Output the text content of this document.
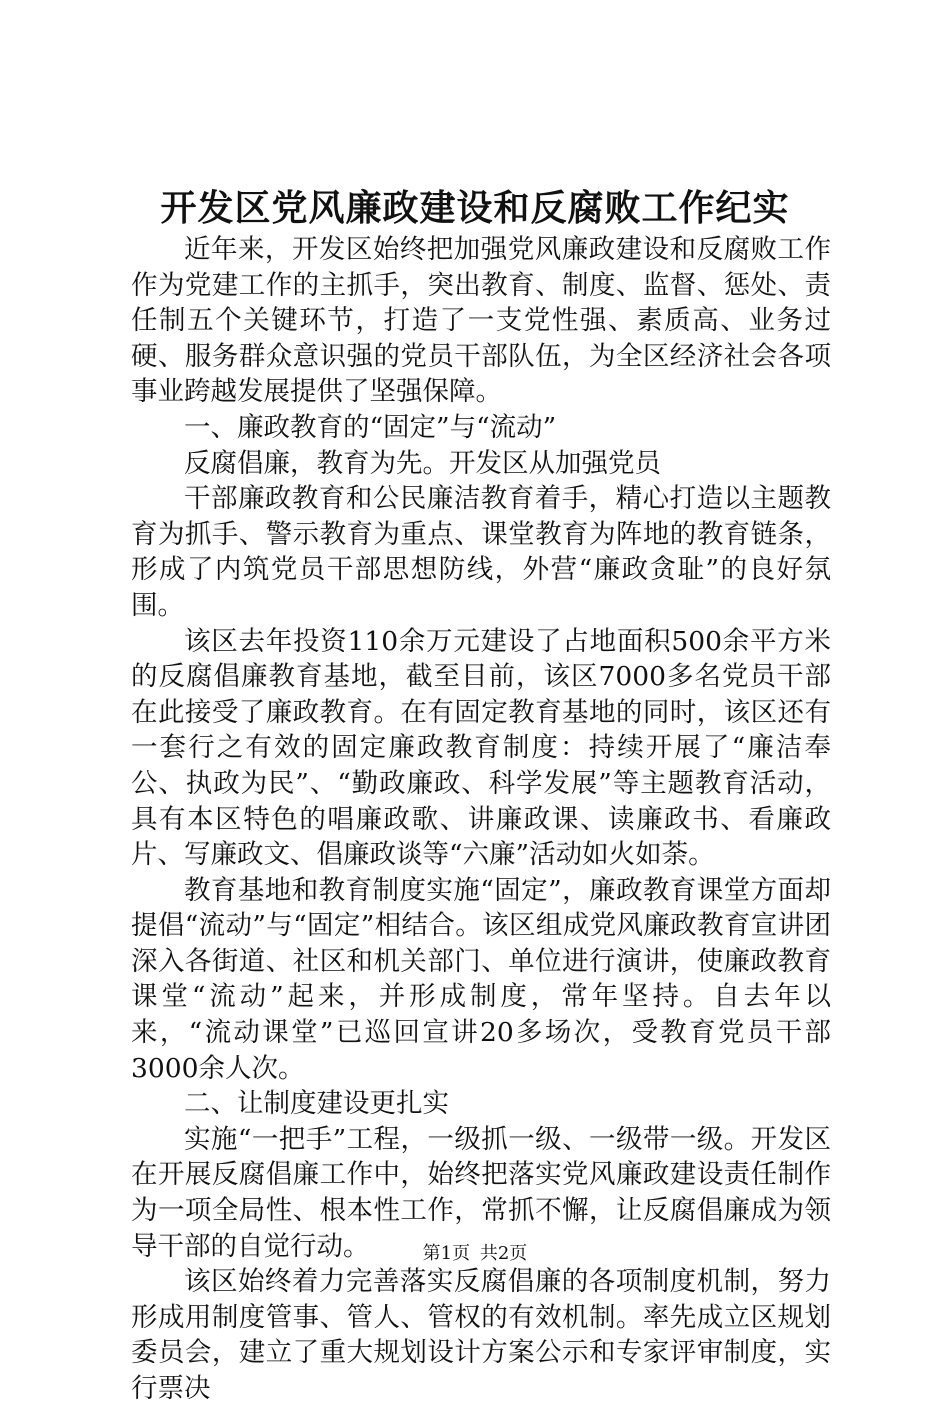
开发区党风廉政建设和反腐败工作纪实

近年来，开发区始终把加强党风廉政建设和反腐败工作作为党建工作的主抓手，突出教育、制度、监督、惩处、责任制五个关键环节，打造了一支党性强、素质高、业务过硬、服务群众意识强的党员干部队伍，为全区经济社会各项事业跨越发展提供了坚强保障。

一、廉政教育的“固定”与“流动”

反腐倡廉，教育为先。开发区从加强党员

干部廉政教育和公民廉洁教育着手，精心打造以主题教育为抓手、警示教育为重点、课堂教育为阵地的教育链条，形成了内筑党员干部思想防线，外营“廉政贪耻”的良好氛围。

该区去年投资110余万元建设了占地面积500余平方米的反腐倡廉教育基地，截至目前，该区7000多名党员干部在此接受了廉政教育。在有固定教育基地的同时，该区还有一套行之有效的固定廉政教育制度：持续开展了“廉洁奉公、执政为民”、“勤政廉政、科学发展”等主题教育活动，具有本区特色的唱廉政歌、讲廉政课、读廉政书、看廉政片、写廉政文、倡廉政谈等“六廉”活动如火如荼。

教育基地和教育制度实施“固定”，廉政教育课堂方面却提倡“流动”与“固定”相结合。该区组成党风廉政教育宣讲团深入各街道、社区和机关部门、单位进行演讲，使廉政教育课堂“流动”起来，并形成制度，常年坚持。自去年以来，“流动课堂”已巡回宣讲20多场次，受教育党员干部3000余人次。

二、让制度建设更扎实

实施“一把手”工程，一级抓一级、一级带一级。开发区在开展反腐倡廉工作中，始终把落实党风廉政建设责任制作为一项全局性、根本性工作，常抓不懈，让反腐倡廉成为领导干部的自觉行动。

该区始终着力完善落实反腐倡廉的各项制度机制，努力形成用制度管事、管人、管权的有效机制。率先成立区规划委员会，建立了重大规划设计方案公示和专家评审制度，实行票决

第1页 共2页
